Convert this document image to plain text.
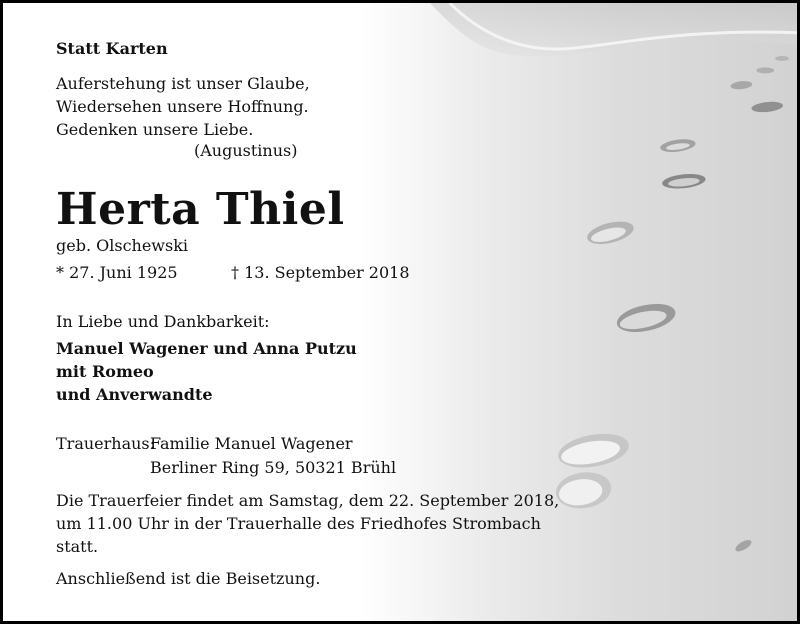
Statt Karten
Auferstehung ist unser Glaube,
Wiedersehen unsere Hoffnung.
Gedenken unsere Liebe.
(Augustinus)
Herta Thiel
geb. Olschewski
* 27. Juni 1925	† 13. September 2018
In Liebe und Dankbarkeit:
Manuel Wagener und Anna Putzu
mit Romeo
und Anverwandte
Trauerhaus:
Familie Manuel Wagener
Berliner Ring 59, 50321 Brühl
Die Trauerfeier findet am Samstag, dem 22. September 2018,
um 11.00 Uhr in der Trauerhalle des Friedhofes Strombach
statt.
Anschließend ist die Beisetzung.
